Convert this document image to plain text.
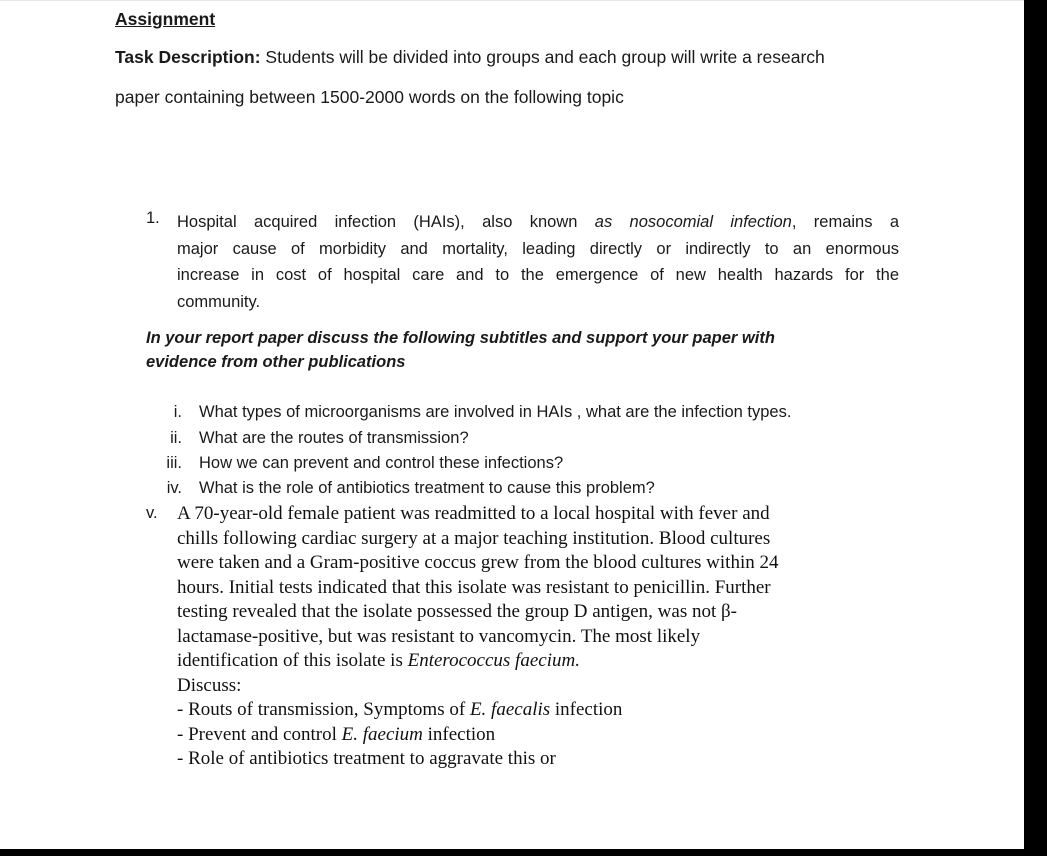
Assignment
Task Description: Students will be divided into groups and each group will write a research
paper containing between 1500-2000 words on the following topic
1. Hospital acquired infection (HAIs), also known as nosocomial infection, remains a
major cause of morbidity and mortality, leading directly or indirectly to an enormous
increase in cost of hospital care and to the emergence of new health hazards for the
community.
In your report paper discuss the following subtitles and support your paper with
evidence from other publications
i. What types of microorganisms are involved in HAIs , what are the infection types.
ii. What are the routes of transmission?
iii. How we can prevent and control these infections?
iv. What is the role of antibiotics treatment to cause this problem?
v. A 70-year-old female patient was readmitted to a local hospital with fever and
chills following cardiac surgery at a major teaching institution. Blood cultures
were taken and a Gram-positive coccus grew from the blood cultures within 24
hours. Initial tests indicated that this isolate was resistant to penicillin. Further
testing revealed that the isolate possessed the group D antigen, was not β-
lactamase-positive, but was resistant to vancomycin. The most likely
identification of this isolate is Enterococcus faecium.
Discuss:
- Routs of transmission, Symptoms of E. faecalis infection
- Prevent and control E. faecium infection
- Role of antibiotics treatment to aggravate this or
